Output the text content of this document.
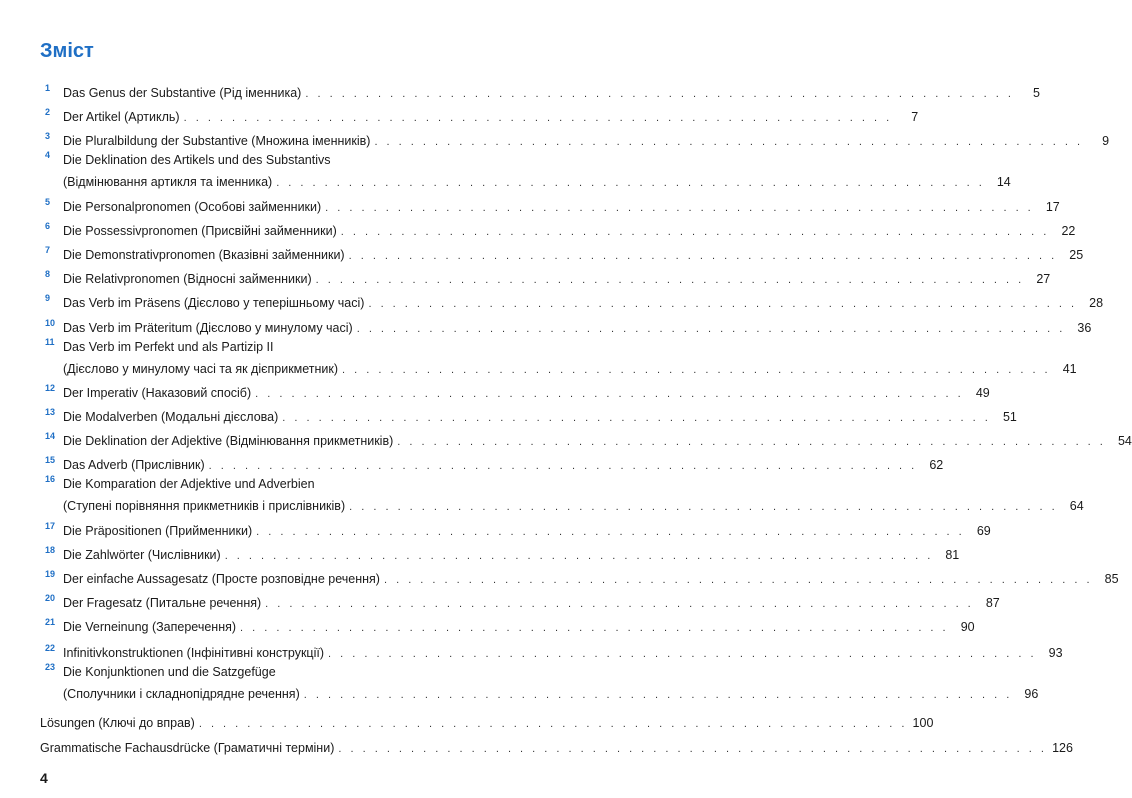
Зміст
1	Das Genus der Substantive (Рід іменника) . . . . . . . . . . . . . . . . . . . . . . . . . . . . . . . . . . . . . . . . . . . . . . . . . . . . . . . . . . .	5
2	Der Artikel (Артикль) . . . . . . . . . . . . . . . . . . . . . . . . . . . . . . . . . . . . . . . . . . . . . . . . . . . . . . . . . . .	7
3	Die Pluralbildung der Substantive (Множина іменників) . . . . . . . . . . . . . . . . . . . . . . . . . . . . . . . . . . . . . . . . . . . . . . . . . . . . . . . . . . .	9
4	Die Deklination des Artikels und des Substantivs
(Відмінювання артикля та іменника) . . . . . . . . . . . . . . . . . . . . . . . . . . . . . . . . . . . . . . . . . . . . . . . . . . . . . . . . . . . 14
5	Die Personalpronomen (Особові займенники) . . . . . . . . . . . . . . . . . . . . . . . . . . . . . . . . . . . . . . . . . . . . . . . . . . . . . . . . . . . 17
6	Die Possessivpronomen (Присвійні займенники) . . . . . . . . . . . . . . . . . . . . . . . . . . . . . . . . . . . . . . . . . . . . . . . . . . . . . . . . . . . 22
7	Die Demonstrativpronomen (Вказівні займенники) . . . . . . . . . . . . . . . . . . . . . . . . . . . . . . . . . . . . . . . . . . . . . . . . . . . . . . . . . . . 25
8	Die Relativpronomen (Відносні займенники) . . . . . . . . . . . . . . . . . . . . . . . . . . . . . . . . . . . . . . . . . . . . . . . . . . . . . . . . . . . 27
9	Das Verb im Präsens (Дієслово у теперішньому часі) . . . . . . . . . . . . . . . . . . . . . . . . . . . . . . . . . . . . . . . . . . . . . . . . . . . . . . . . . . . 28
10 Das Verb im Präteritum (Дієслово у минулому часі) . . . . . . . . . . . . . . . . . . . . . . . . . . . . . . . . . . . . . . . . . . . . . . . . . . . . . . . . . . . 36
11 Das Verb im Perfekt und als Partizip II
(Дієслово у минулому часі та як дієприкметник) . . . . . . . . . . . . . . . . . . . . . . . . . . . . . . . . . . . . . . . . . . . . . . . . . . . . . . . . . . . 41
12 Der Imperativ (Наказовий спосіб) . . . . . . . . . . . . . . . . . . . . . . . . . . . . . . . . . . . . . . . . . . . . . . . . . . . . . . . . . . . 49
13 Die Modalverben (Модальні дієслова) . . . . . . . . . . . . . . . . . . . . . . . . . . . . . . . . . . . . . . . . . . . . . . . . . . . . . . . . . . . 51
14 Die Deklination der Adjektive (Відмінювання прикметників) . . . . . . . . . . . . . . . . . . . . . . . . . . . . . . . . . . . . . . . . . . . . . . . . . . . . . . . . . . . 54
15 Das Adverb (Прислівник) . . . . . . . . . . . . . . . . . . . . . . . . . . . . . . . . . . . . . . . . . . . . . . . . . . . . . . . . . . . 62
16 Die Komparation der Adjektive und Adverbien
(Ступені порівняння прикметників і прислівників) . . . . . . . . . . . . . . . . . . . . . . . . . . . . . . . . . . . . . . . . . . . . . . . . . . . . . . . . . . . 64
17 Die Präpositionen (Прийменники) . . . . . . . . . . . . . . . . . . . . . . . . . . . . . . . . . . . . . . . . . . . . . . . . . . . . . . . . . . . 69
18 Die Zahlwörter (Числівники) . . . . . . . . . . . . . . . . . . . . . . . . . . . . . . . . . . . . . . . . . . . . . . . . . . . . . . . . . . . 81
19 Der einfache Aussagesatz (Просте розповідне речення) . . . . . . . . . . . . . . . . . . . . . . . . . . . . . . . . . . . . . . . . . . . . . . . . . . . . . . . . . . . 85
20 Der Fragesatz (Питальне речення) . . . . . . . . . . . . . . . . . . . . . . . . . . . . . . . . . . . . . . . . . . . . . . . . . . . . . . . . . . . 87
21 Die Verneinung (Заперечення) . . . . . . . . . . . . . . . . . . . . . . . . . . . . . . . . . . . . . . . . . . . . . . . . . . . . . . . . . . . 90
22 Infinitivkonstruktionen (Інфінітивні конструкції) . . . . . . . . . . . . . . . . . . . . . . . . . . . . . . . . . . . . . . . . . . . . . . . . . . . . . . . . . . . 93
23 Die Konjunktionen und die Satzgefüge
(Сполучники і складнопідрядне речення) . . . . . . . . . . . . . . . . . . . . . . . . . . . . . . . . . . . . . . . . . . . . . . . . . . . . . . . . . . . 96
Lösungen (Ключі до вправ) . . . . . . . . . . . . . . . . . . . . . . . . . . . . . . . . . . . . . . . . . . . . . . . . . . . . . . . . . . . 100
Grammatische Fachausdrücke (Граматичні терміни) . . . . . . . . . . . . . . . . . . . . . . . . . . . . . . . . . . . . . . . . . . . . . . . . . . . . . . . . . . . 126
4
